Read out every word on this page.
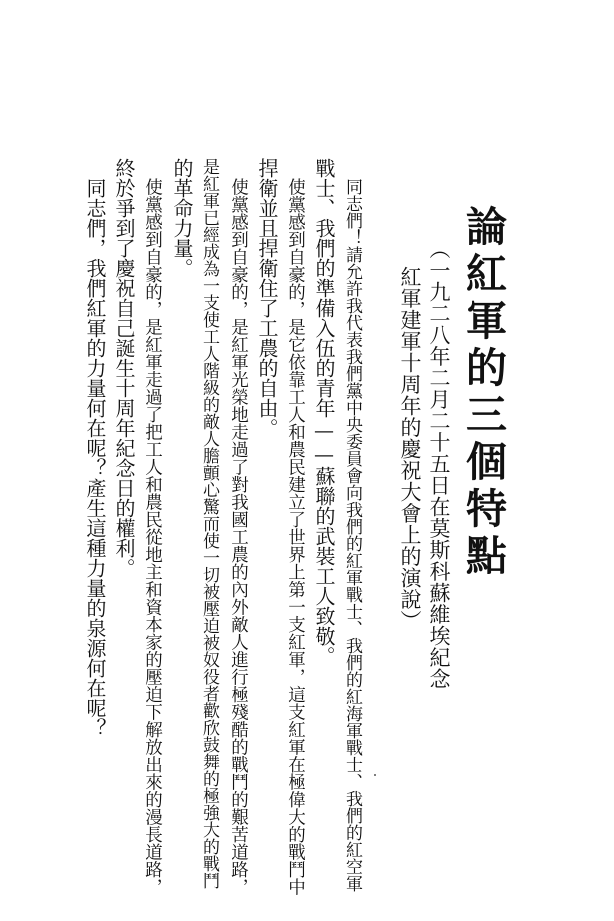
論紅軍的三個特點
（一九二八年二月二十五日在莫斯科蘇維埃紀念
紅軍建軍十周年的慶祝大會上的演說）
同志們！請允許我代表我們黨中央委員會向我們的紅軍戰士、我們的紅海軍戰士、我們的紅空軍
戰士、我們的準備入伍的青年——蘇聯的武裝工人致敬。
使黨感到自豪的，是它依靠工人和農民建立了世界上第一支紅軍，這支紅軍在極偉大的戰鬥中
捍衛並且捍衛住了工農的自由。
使黨感到自豪的，是紅軍光榮地走過了對我國工農的內外敵人進行極殘酷的戰鬥的艱苦道路，
是紅軍已經成為一支使工人階級的敵人膽顫心驚而使一切被壓迫被奴役者歡欣鼓舞的極強大的戰鬥
的革命力量。
使黨感到自豪的，是紅軍走過了把工人和農民從地主和資本家的壓迫下解放出來的漫長道路，
終於爭到了慶祝自己誕生十周年紀念日的權利。
同志們，我們紅軍的力量何在呢？產生這種力量的泉源何在呢？
